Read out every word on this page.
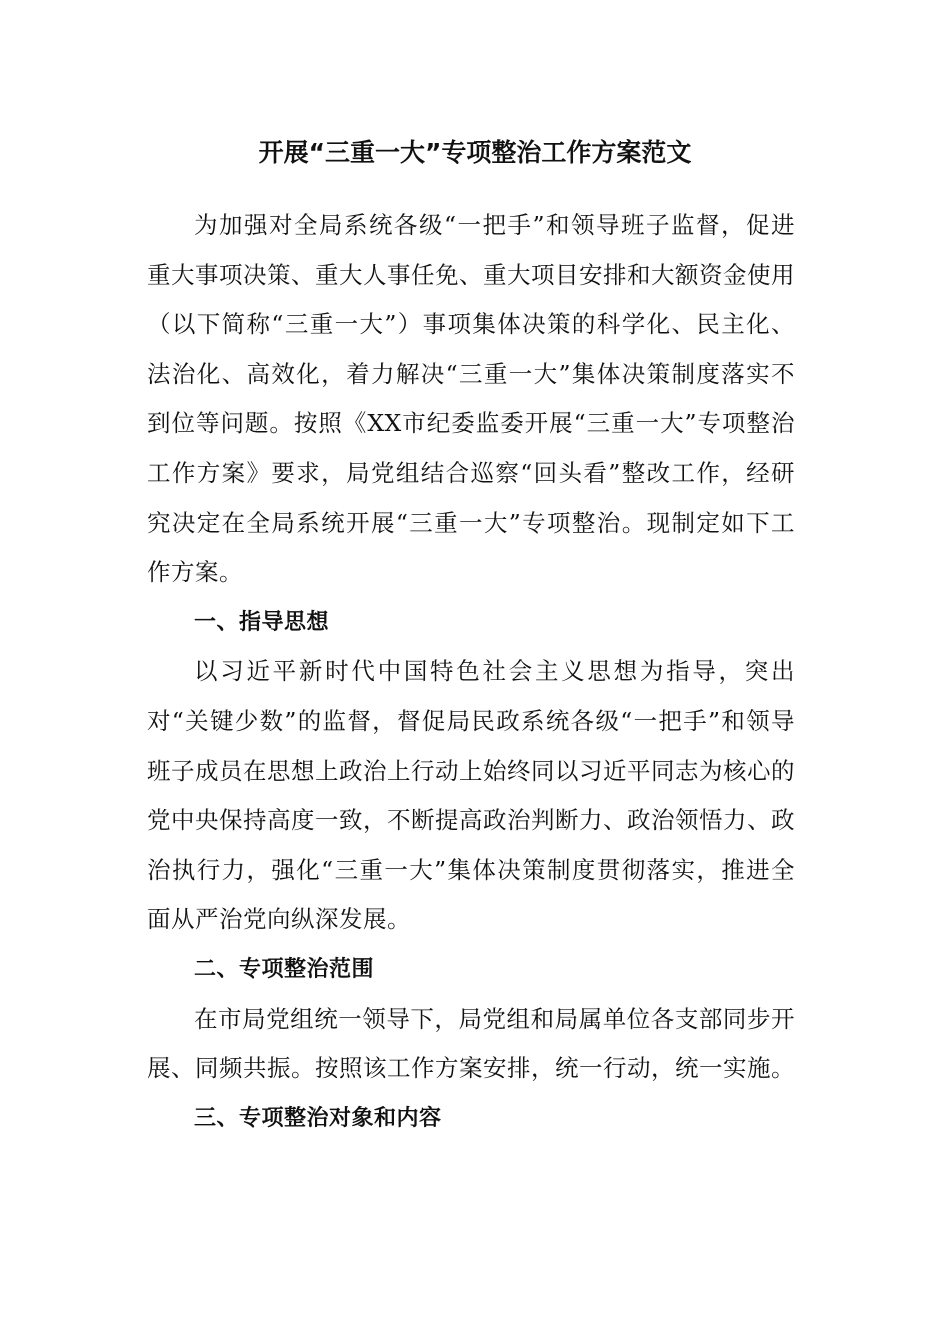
开展“三重一大”专项整治工作方案范文

为加强对全局系统各级“一把手”和领导班子监督，促进重大事项决策、重大人事任免、重大项目安排和大额资金使用（以下简称“三重一大”）事项集体决策的科学化、民主化、法治化、高效化，着力解决“三重一大”集体决策制度落实不到位等问题。按照《XX市纪委监委开展“三重一大”专项整治工作方案》要求，局党组结合巡察“回头看”整改工作，经研究决定在全局系统开展“三重一大”专项整治。现制定如下工作方案。

一、指导思想

以习近平新时代中国特色社会主义思想为指导，突出对“关键少数”的监督，督促局民政系统各级“一把手”和领导班子成员在思想上政治上行动上始终同以习近平同志为核心的党中央保持高度一致，不断提高政治判断力、政治领悟力、政治执行力，强化“三重一大”集体决策制度贯彻落实，推进全面从严治党向纵深发展。

二、专项整治范围

在市局党组统一领导下，局党组和局属单位各支部同步开展、同频共振。按照该工作方案安排，统一行动，统一实施。

三、专项整治对象和内容
